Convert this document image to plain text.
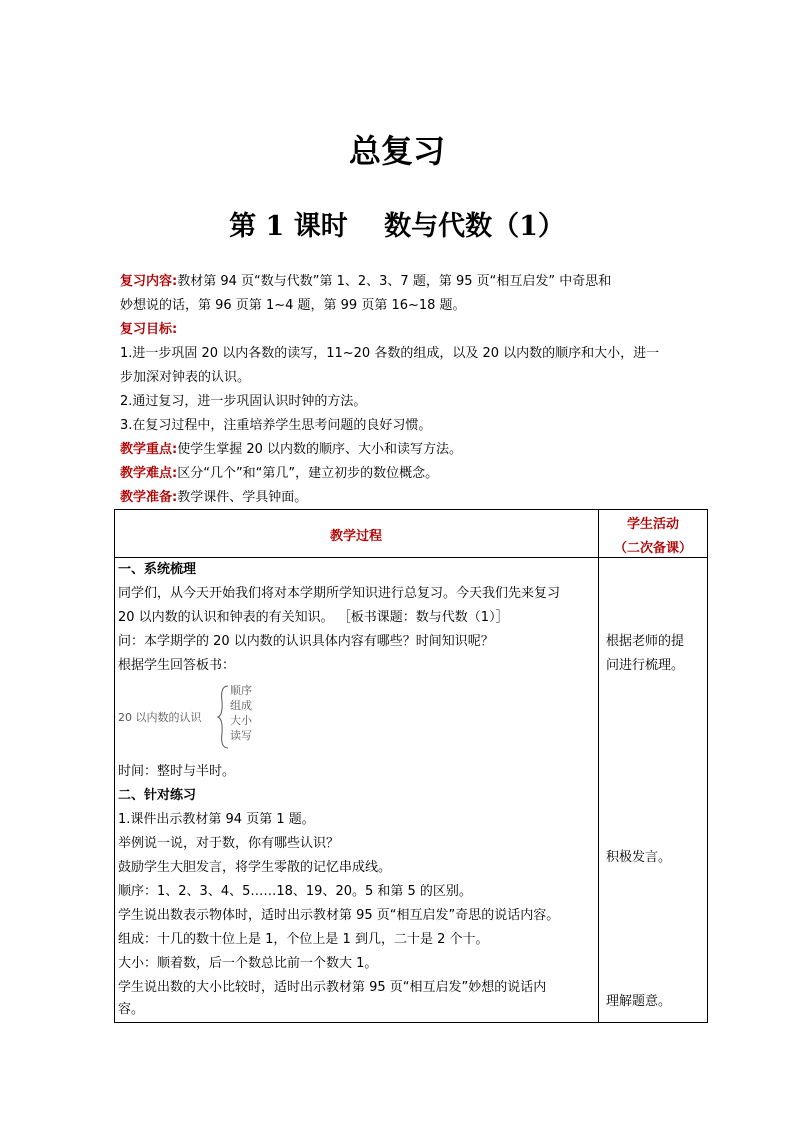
总复习
第 1 课时　 数与代数（1）
复习内容:教材第 94 页“数与代数”第 1、2、3、7 题，第 95 页“相互启发” 中奇思和
妙想说的话，第 96 页第 1~4 题，第 99 页第 16~18 题。
复习目标:
1.进一步巩固 20 以内各数的读写，11~20 各数的组成，以及 20 以内数的顺序和大小，进一
步加深对钟表的认识。
2.通过复习，进一步巩固认识时钟的方法。
3.在复习过程中，注重培养学生思考问题的良好习惯。
教学重点:使学生掌握 20 以内数的顺序、大小和读写方法。
教学难点:区分“几个”和“第几”，建立初步的数位概念。
教学准备:教学课件、学具钟面。
教学过程
学生活动
（二次备课）
一、系统梳理
同学们，从今天开始我们将对本学期所学知识进行总复习。今天我们先来复习
20 以内数的认识和钟表的有关知识。 ［板书课题：数与代数（1）］
问：本学期学的 20 以内数的认识具体内容有哪些？时间知识呢？
根据学生回答板书：
20 以内数的认识
顺序
组成
大小
读写
时间：整时与半时。
二、针对练习
1.课件出示教材第 94 页第 1 题。
举例说一说，对于数，你有哪些认识？
鼓励学生大胆发言，将学生零散的记忆串成线。
顺序：1、2、3、4、5……18、19、20。5 和第 5 的区别。
学生说出数表示物体时，适时出示教材第 95 页“相互启发”奇思的说话内容。
组成：十几的数十位上是 1，个位上是 1 到几，二十是 2 个十。
大小：顺着数，后一个数总比前一个数大 1。
学生说出数的大小比较时，适时出示教材第 95 页“相互启发”妙想的说话内
容。
根据老师的提
问进行梳理。
积极发言。
理解题意。
